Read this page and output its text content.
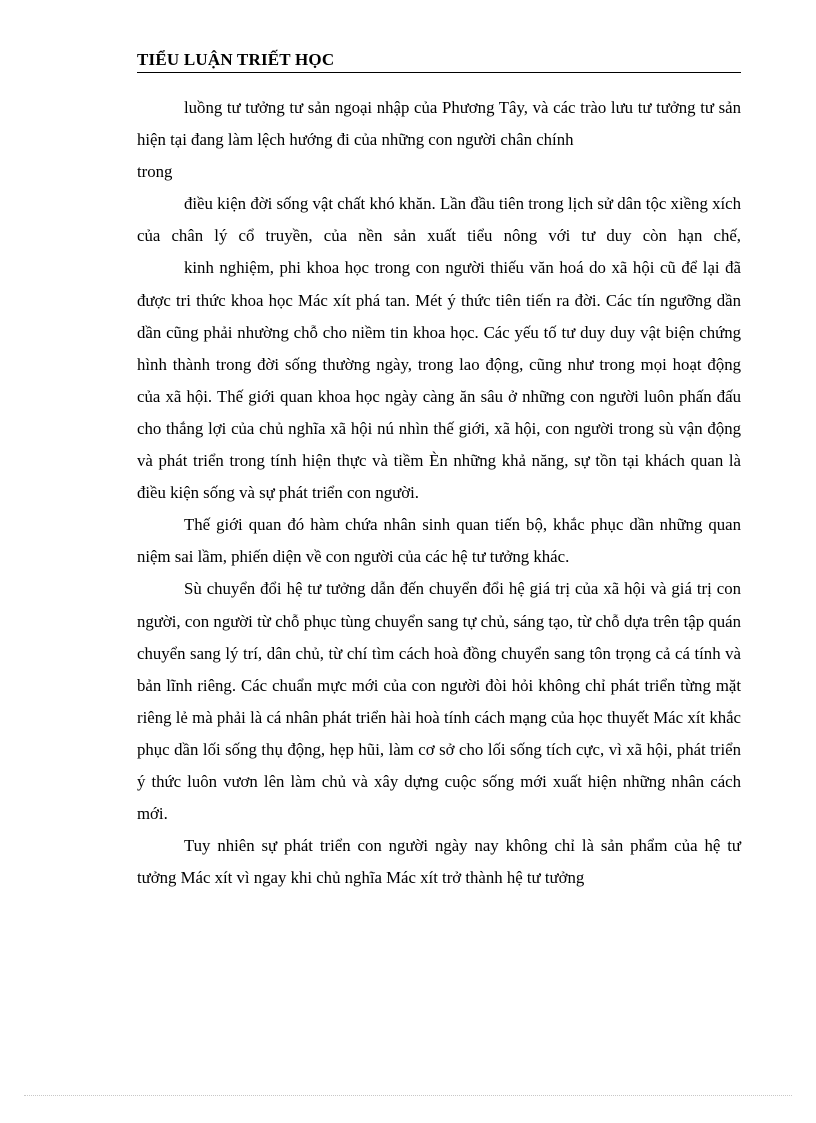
TIỂU LUẬN TRIẾT HỌC

luồng tư tưởng tư sản ngoại nhập của Phương Tây, và các trào lưu tư tưởng tư sản hiện tại đang làm lệch hướng đi của những con người chân chính

trong

điều kiện đời sống vật chất khó khăn. Lần đầu tiên trong lịch sử dân tộc xiềng xích của chân lý cổ truyền, của nền sản xuất tiểu nông với tư duy còn hạn chế,

kinh nghiệm, phi khoa học trong con người thiếu văn hoá do xã hội cũ để lại đã được tri thức khoa học Mác xít phá tan. Mét ý thức tiên tiến ra đời. Các tín ngưỡng dần dần cũng phải nhường chỗ cho niềm tin khoa học. Các yếu tố tư duy duy vật biện chứng hình thành trong đời sống thường ngày, trong lao động, cũng như trong mọi hoạt động của xã hội. Thế giới quan khoa học ngày càng ăn sâu ở những con người luôn phấn đấu cho thắng lợi của chủ nghĩa xã hội nú nhìn thế giới, xã hội, con người trong sù vận động và phát triển trong tính hiện thực và tiềm Èn những khả năng, sự tồn tại khách quan là điều kiện sống và sự phát triển con người.

Thế giới quan đó hàm chứa nhân sinh quan tiến bộ, khắc phục dần những quan niệm sai lầm, phiến diện về con người của các hệ tư tưởng khác.

Sù chuyển đổi hệ tư tưởng dẫn đến chuyển đổi hệ giá trị của xã hội và giá trị con người, con người từ chỗ phục tùng chuyển sang tự chủ, sáng tạo, từ chỗ dựa trên tập quán chuyển sang lý trí, dân chủ, từ chí tìm cách hoà đồng chuyển sang tôn trọng cả cá tính và bản lĩnh riêng. Các chuẩn mực mới của con người đòi hỏi không chỉ phát triển từng mặt riêng lẻ mà phải là cá nhân phát triển hài hoà tính cách mạng của học thuyết Mác xít khắc phục dần lối sống thụ động, hẹp hũi, làm cơ sở cho lối sống tích cực, vì xã hội, phát triển ý thức luôn vươn lên làm chủ và xây dựng cuộc sống mới xuất hiện những nhân cách mới.

Tuy nhiên sự phát triển con người ngày nay không chỉ là sản phẩm của hệ tư tưởng Mác xít vì ngay khi chủ nghĩa Mác xít trở thành hệ tư tưởng
